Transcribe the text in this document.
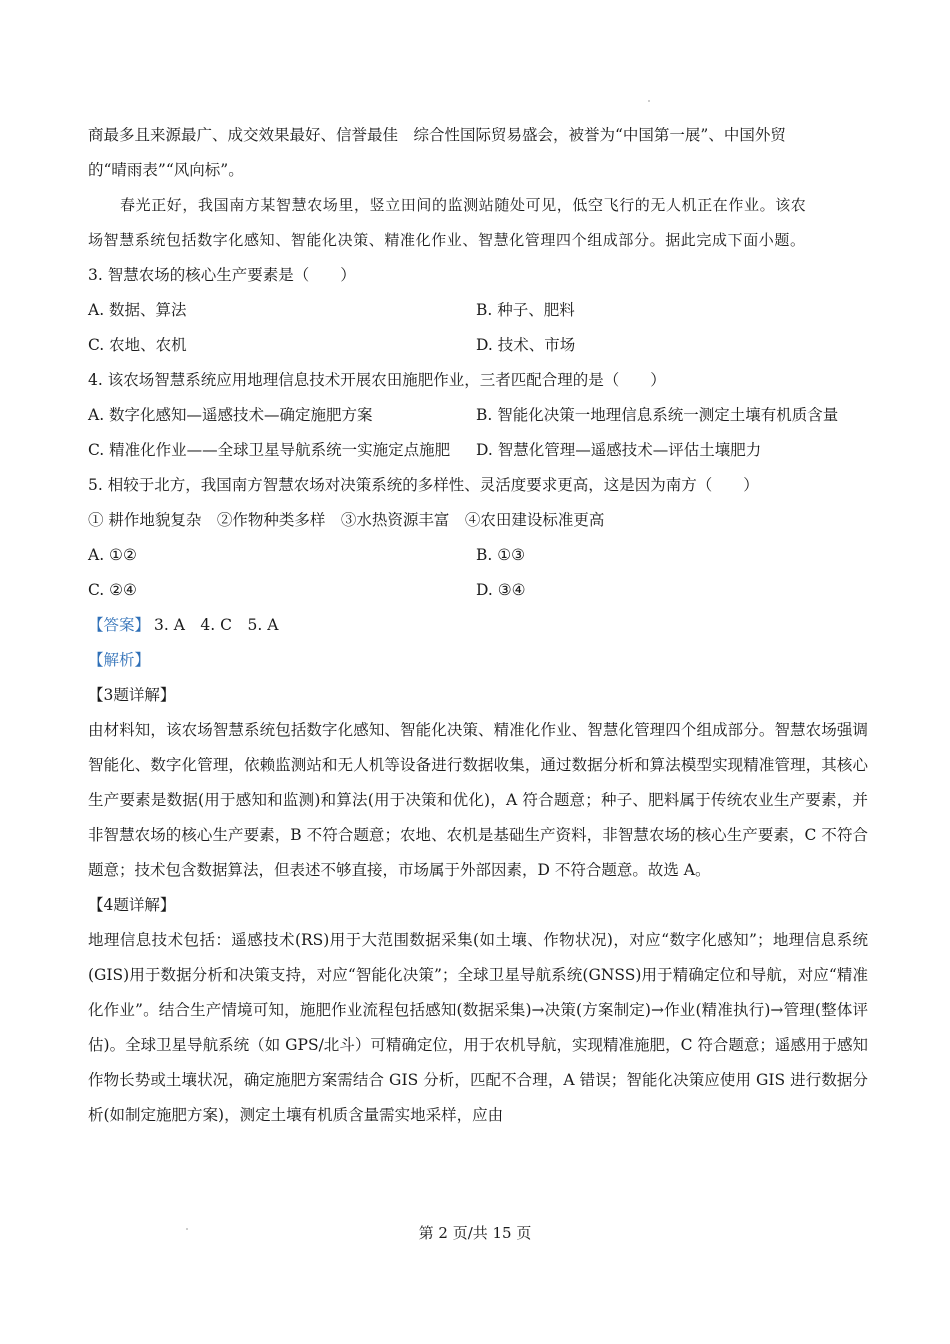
商最多且来源最广、成交效果最好、信誉最佳　综合性国际贸易盛会，被誉为“中国第一展”、中国外贸
的“晴雨表”“风向标”。
春光正好，我国南方某智慧农场里，竖立田间的监测站随处可见，低空飞行的无人机正在作业。该农
场智慧系统包括数字化感知、智能化决策、精准化作业、智慧化管理四个组成部分。据此完成下面小题。
3. 智慧农场的核心生产要素是（　　）
A. 数据、算法	B. 种子、肥料
C. 农地、农机	D. 技术、市场
4. 该农场智慧系统应用地理信息技术开展农田施肥作业，三者匹配合理的是（　　）
A. 数字化感知—遥感技术—确定施肥方案	B. 智能化决策一地理信息系统一测定土壤有机质含量
C. 精准化作业——全球卫星导航系统一实施定点施肥	D. 智慧化管理—遥感技术—评估土壤肥力
5. 相较于北方，我国南方智慧农场对决策系统的多样性、灵活度要求更高，这是因为南方（　　）
① 耕作地貌复杂　②作物种类多样　③水热资源丰富　④农田建设标准更高
A. ①②	B. ①③
C. ②④	D. ③④
【答案】 3. A　4. C　5. A
【解析】
【3题详解】
由材料知，该农场智慧系统包括数字化感知、智能化决策、精准化作业、智慧化管理四个组成部分。智慧农场强调智能化、数字化管理，依赖监测站和无人机等设备进行数据收集，通过数据分析和算法模型实现精准管理，其核心生产要素是数据(用于感知和监测)和算法(用于决策和优化)，A 符合题意；种子、肥料属于传统农业生产要素，并非智慧农场的核心生产要素，B 不符合题意；农地、农机是基础生产资料，非智慧农场的核心生产要素，C 不符合题意；技术包含数据算法，但表述不够直接，市场属于外部因素，D 不符合题意。故选 A。
【4题详解】
地理信息技术包括：遥感技术(RS)用于大范围数据采集(如土壤、作物状况)，对应“数字化感知”；地理信息系统(GIS)用于数据分析和决策支持，对应“智能化决策”；全球卫星导航系统(GNSS)用于精确定位和导航，对应“精准化作业”。结合生产情境可知，施肥作业流程包括感知(数据采集)→决策(方案制定)→作业(精准执行)→管理(整体评估)。全球卫星导航系统（如 GPS/北斗）可精确定位，用于农机导航，实现精准施肥，C 符合题意；遥感用于感知作物长势或土壤状况，确定施肥方案需结合 GIS 分析，匹配不合理，A 错误；智能化决策应使用 GIS 进行数据分析(如制定施肥方案)，测定土壤有机质含量需实地采样，应由
第 2 页/共 15 页
